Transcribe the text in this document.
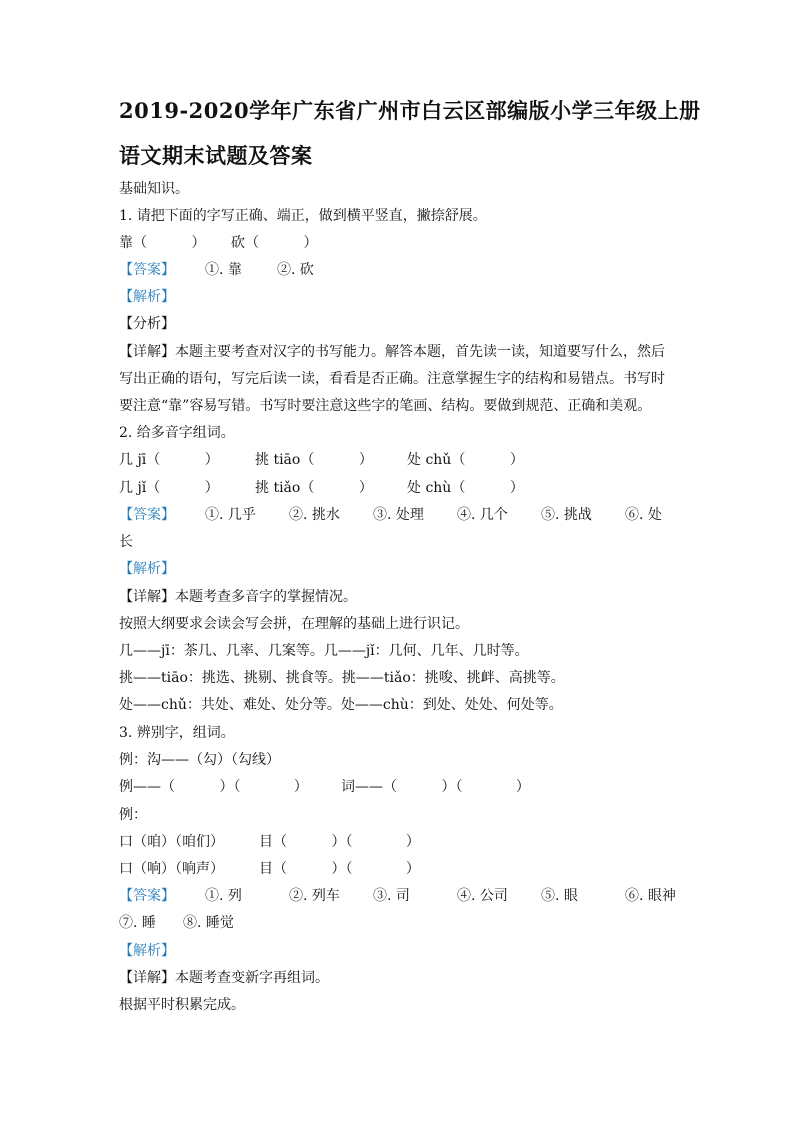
2019-2020学年广东省广州市白云区部编版小学三年级上册
语文期末试题及答案
基础知识。
1. 请把下面的字写正确、端正，做到横平竖直，撇捺舒展。
靠（          ）	砍（          ）
【答案】	①. 靠	②. 砍
【解析】
【分析】
【详解】本题主要考查对汉字的书写能力。解答本题，首先读一读，知道要写什么，然后
写出正确的语句，写完后读一读，看看是否正确。注意掌握生字的结构和易错点。书写时
要注意“靠”容易写错。书写时要注意这些字的笔画、结构。要做到规范、正确和美观。
2. 给多音字组词。
几 jī（          ）	挑 tiāo（          ）	处 chǔ（          ）
几 jǐ（          ）	挑 tiǎo（          ）	处 chù（          ）
【答案】	①. 几乎	②. 挑水	③. 处理	④. 几个	⑤. 挑战	⑥. 处
长
【解析】
【详解】本题考查多音字的掌握情况。
按照大纲要求会读会写会拼，在理解的基础上进行识记。
几——jī：茶几、几率、几案等。几——jǐ：几何、几年、几时等。
挑——tiāo：挑选、挑剔、挑食等。挑——tiǎo：挑唆、挑衅、高挑等。
处——chǔ：共处、难处、处分等。处——chù：到处、处处、何处等。
3. 辨别字，组词。
例：沟——（勾）（勾线）
例——（          ）（            ）	词——（          ）（            ）
例：
口（咱）（咱们）	目（          ）（            ）
口（响）（响声）	目（          ）（            ）
【答案】	①. 列	②. 列车	③. 司	④. 公司	⑤. 眼	⑥. 眼神
⑦. 睡	⑧. 睡觉
【解析】
【详解】本题考查变新字再组词。
根据平时积累完成。
